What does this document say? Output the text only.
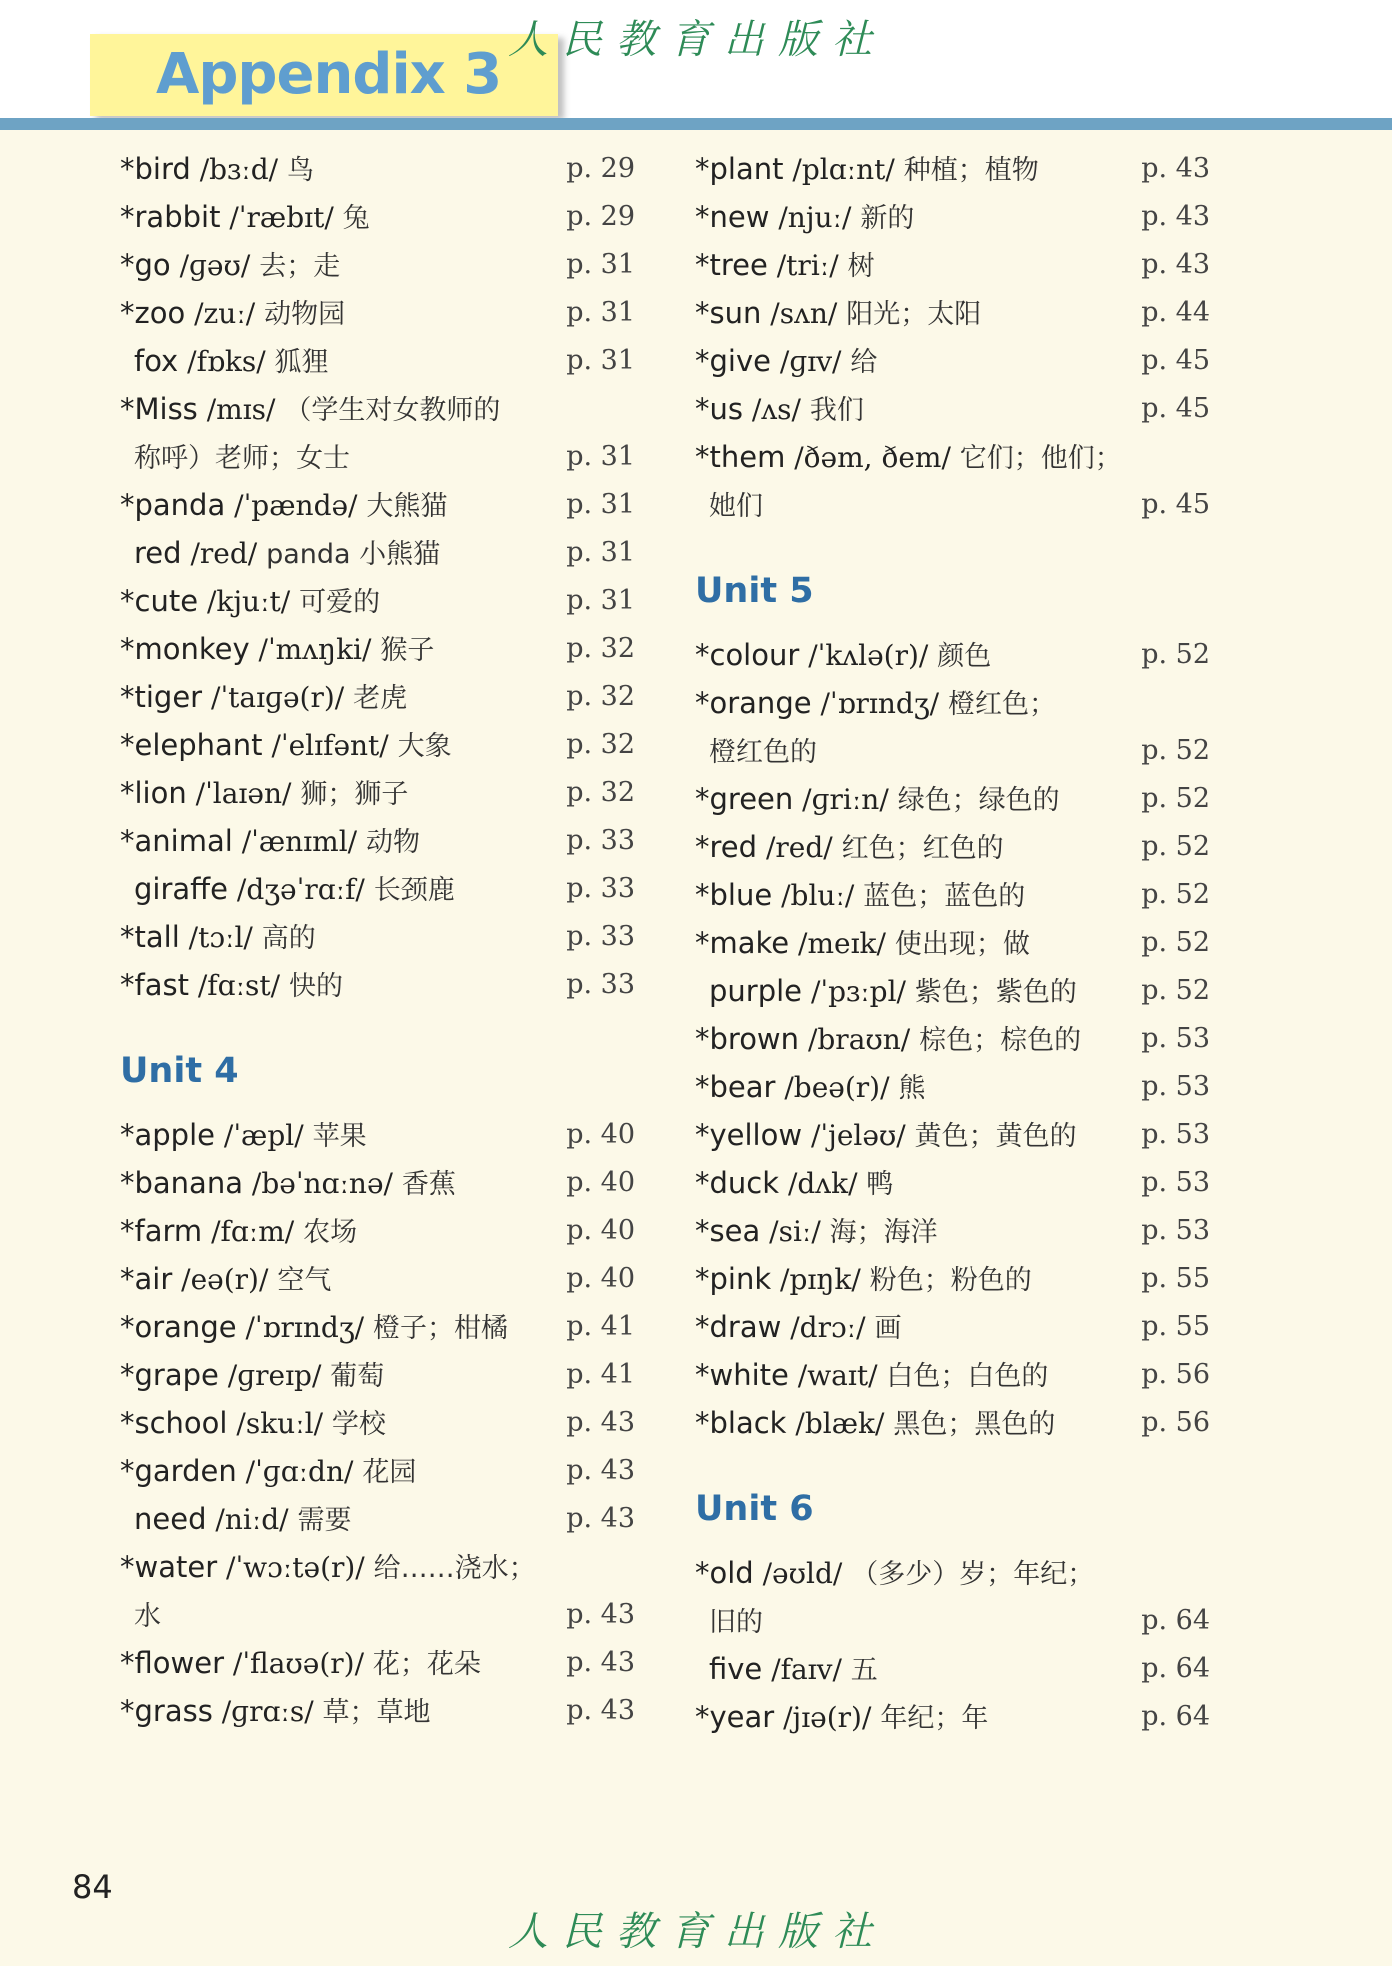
Appendix 3
人民教育出版社
*bird /bɜːd/ 鸟	p. 29
*rabbit /ˈræbɪt/ 兔	p. 29
*go /ɡəʊ/ 去；走	p. 31
*zoo /zuː/ 动物园	p. 31
fox /fɒks/ 狐狸	p. 31
*Miss /mɪs/ （学生对女教师的
称呼）老师；女士	p. 31
*panda /ˈpændə/ 大熊猫	p. 31
red /red/ panda 小熊猫	p. 31
*cute /kjuːt/ 可爱的	p. 31
*monkey /ˈmʌŋki/ 猴子	p. 32
*tiger /ˈtaɪɡə(r)/ 老虎	p. 32
*elephant /ˈelɪfənt/ 大象	p. 32
*lion /ˈlaɪən/ 狮；狮子	p. 32
*animal /ˈænɪml/ 动物	p. 33
giraffe /dʒəˈrɑːf/ 长颈鹿	p. 33
*tall /tɔːl/ 高的	p. 33
*fast /fɑːst/ 快的	p. 33
Unit 4
*apple /ˈæpl/ 苹果	p. 40
*banana /bəˈnɑːnə/ 香蕉	p. 40
*farm /fɑːm/ 农场	p. 40
*air /eə(r)/ 空气	p. 40
*orange /ˈɒrɪndʒ/ 橙子；柑橘 p. 41
*grape /ɡreɪp/ 葡萄	p. 41
*school /skuːl/ 学校	p. 43
*garden /ˈɡɑːdn/ 花园	p. 43
need /niːd/ 需要	p. 43
*water /ˈwɔːtə(r)/ 给……浇水；
水	p. 43
*flower /ˈflaʊə(r)/ 花；花朵	p. 43
*grass /ɡrɑːs/ 草；草地	p. 43
*plant /plɑːnt/ 种植；植物	p. 43
*new /njuː/ 新的	p. 43
*tree /triː/ 树	p. 43
*sun /sʌn/ 阳光；太阳	p. 44
*give /ɡɪv/ 给	p. 45
*us /ʌs/ 我们	p. 45
*them /ðəm, ðem/ 它们；他们；
她们	p. 45
Unit 5
*colour /ˈkʌlə(r)/ 颜色	p. 52
*orange /ˈɒrɪndʒ/ 橙红色；
橙红色的	p. 52
*green /ɡriːn/ 绿色；绿色的	p. 52
*red /red/ 红色；红色的	p. 52
*blue /bluː/ 蓝色；蓝色的	p. 52
*make /meɪk/ 使出现；做	p. 52
purple /ˈpɜːpl/ 紫色；紫色的 p. 52
*brown /braʊn/ 棕色；棕色的 p. 53
*bear /beə(r)/ 熊	p. 53
*yellow /ˈjeləʊ/ 黄色；黄色的 p. 53
*duck /dʌk/ 鸭	p. 53
*sea /siː/ 海；海洋	p. 53
*pink /pɪŋk/ 粉色；粉色的	p. 55
*draw /drɔː/ 画	p. 55
*white /waɪt/ 白色；白色的	p. 56
*black /blæk/ 黑色；黑色的	p. 56
Unit 6
*old /əʊld/ （多少）岁；年纪；
旧的	p. 64
five /faɪv/ 五	p. 64
*year /jɪə(r)/ 年纪；年	p. 64
84
人民教育出版社
